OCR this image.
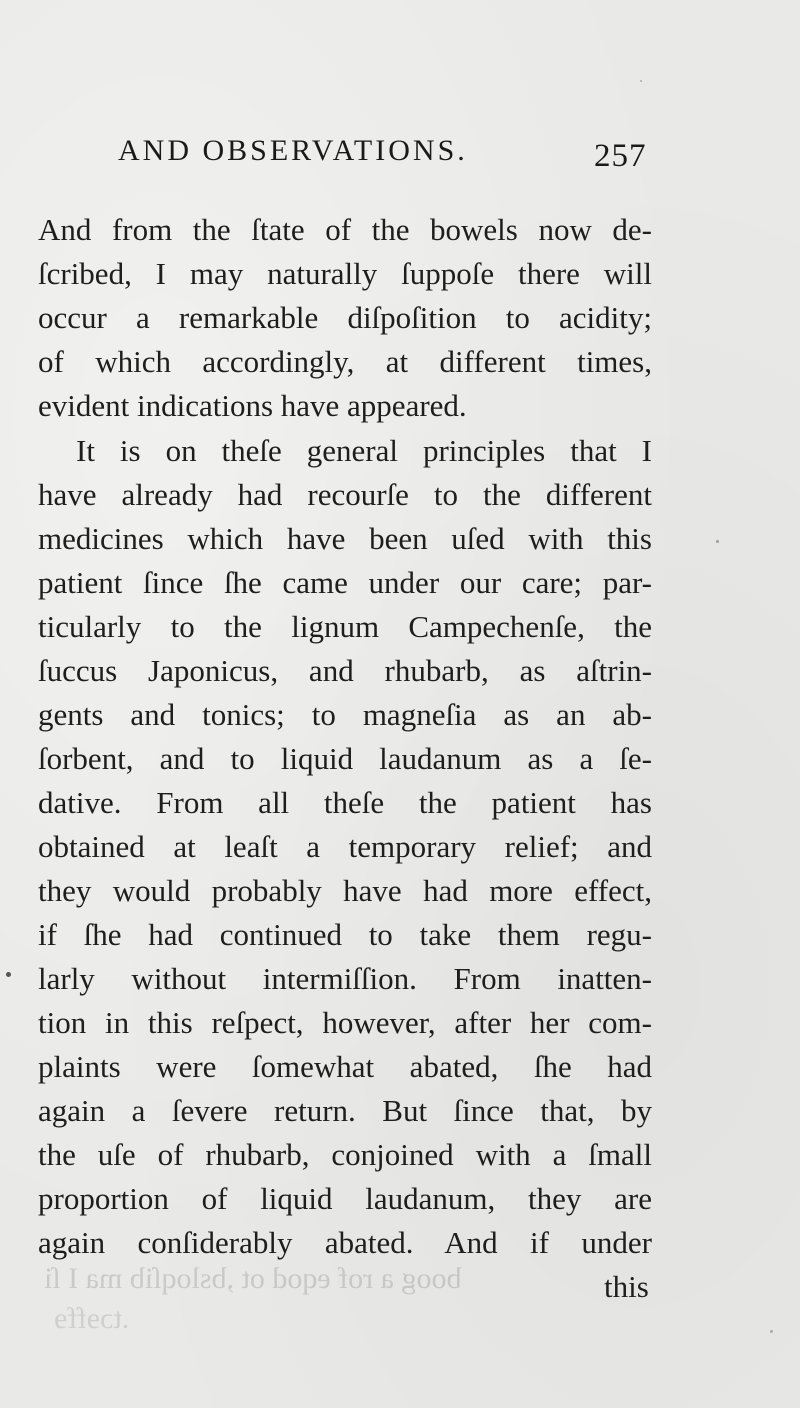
AND OBSERVATIONS.	257
And from the ſtate of the bowels now de-
ſcribed, I may naturally ſuppoſe there will
occur a remarkable diſpoſition to acidity;
of which accordingly, at different times,
evident indications have appeared.
It is on theſe general principles that I
have already had recourſe to the different
medicines which have been uſed with this
patient ſince ſhe came under our care; par-
ticularly to the lignum Campechenſe, the
ſuccus Japonicus, and rhubarb, as aſtrin-
gents and tonics; to magneſia as an ab-
ſorbent, and to liquid laudanum as a ſe-
dative. From all theſe the patient has
obtained at leaſt a temporary relief; and
they would probably have had more effect,
if ſhe had continued to take them regu-
larly without intermiſſion. From inatten-
tion in this reſpect, however, after her com-
plaints were ſomewhat abated, ſhe had
again a ſevere return. But ſince that, by
the uſe of rhubarb, conjoined with a ſmall
proportion of liquid laudanum, they are
again conſiderably abated. And if under
this
boog a rof eqod ot ,bsloqſib ma I ſi
.tɔɘffɘ
